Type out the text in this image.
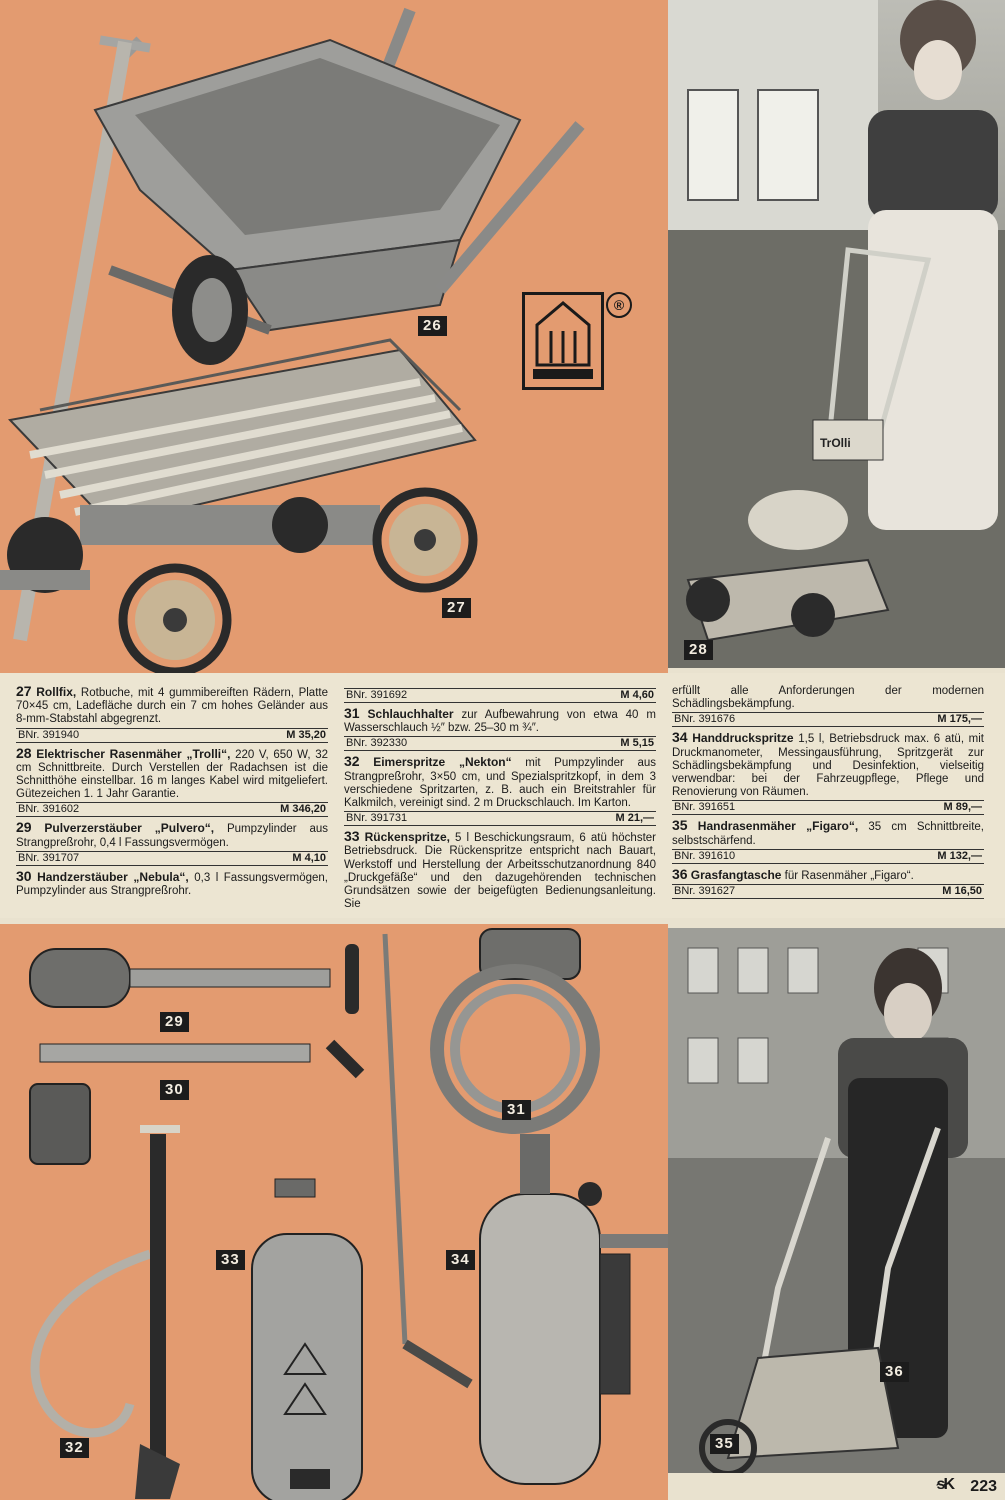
®
26
27
TrOlli
28

27 Rollfix, Rotbuche, mit 4 gummibereiften Rädern, Platte 70×45 cm, Ladefläche durch ein 7 cm hohes Geländer aus 8-mm-Stabstahl abgegrenzt.

BNr. 391940	M 35,20

28 Elektrischer Rasenmäher „Trolli“, 220 V, 650 W, 32 cm Schnittbreite. Durch Verstellen der Radachsen ist die Schnitthöhe einstellbar. 16 m langes Kabel wird mitgeliefert. Gütezeichen 1. 1 Jahr Garantie.

BNr. 391602	M 346,20

29 Pulverzerstäuber „Pulvero“, Pumpzylinder aus Strangpreßrohr, 0,4 l Fassungsvermögen.

BNr. 391707	M 4,10

30 Handzerstäuber „Nebula“, 0,3 l Fassungsvermögen, Pumpzylinder aus Strangpreßrohr.

BNr. 391692	M 4,60

31 Schlauchhalter zur Aufbewahrung von etwa 40 m Wasserschlauch ½″ bzw. 25–30 m ¾″.

BNr. 392330	M 5,15

32 Eimerspritze „Nekton“ mit Pumpzylinder aus Strangpreßrohr, 3×50 cm, und Spezialspritzkopf, in dem 3 verschiedene Spritzarten, z. B. auch ein Breitstrahler für Kalkmilch, vereinigt sind. 2 m Druckschlauch. Im Karton.

BNr. 391731	M 21,—

33 Rückenspritze, 5 l Beschickungsraum, 6 atü höchster Betriebsdruck. Die Rückenspritze entspricht nach Bauart, Werkstoff und Herstellung der Arbeitsschutzanordnung 840 „Druckgefäße“ und den dazugehörenden technischen Grundsätzen sowie der beigefügten Bedienungsanleitung. Sie

erfüllt alle Anforderungen der modernen Schädlingsbekämpfung.

BNr. 391676	M 175,—

34 Handdruckspritze 1,5 l, Betriebsdruck max. 6 atü, mit Druckmanometer, Messingausführung, Spritzgerät zur Schädlingsbekämpfung und Desinfektion, vielseitig verwendbar: bei der Fahrzeugpflege, Pflege und Renovierung von Räumen.

BNr. 391651	M 89,—

35 Handrasenmäher „Figaro“, 35 cm Schnittbreite, selbstschärfend.

BNr. 391610	M 132,—

36 Grasfangtasche für Rasenmäher „Figaro“.

BNr. 391627	M 16,50
29
30
31
32
33	34
36
35
ᵴK 223
